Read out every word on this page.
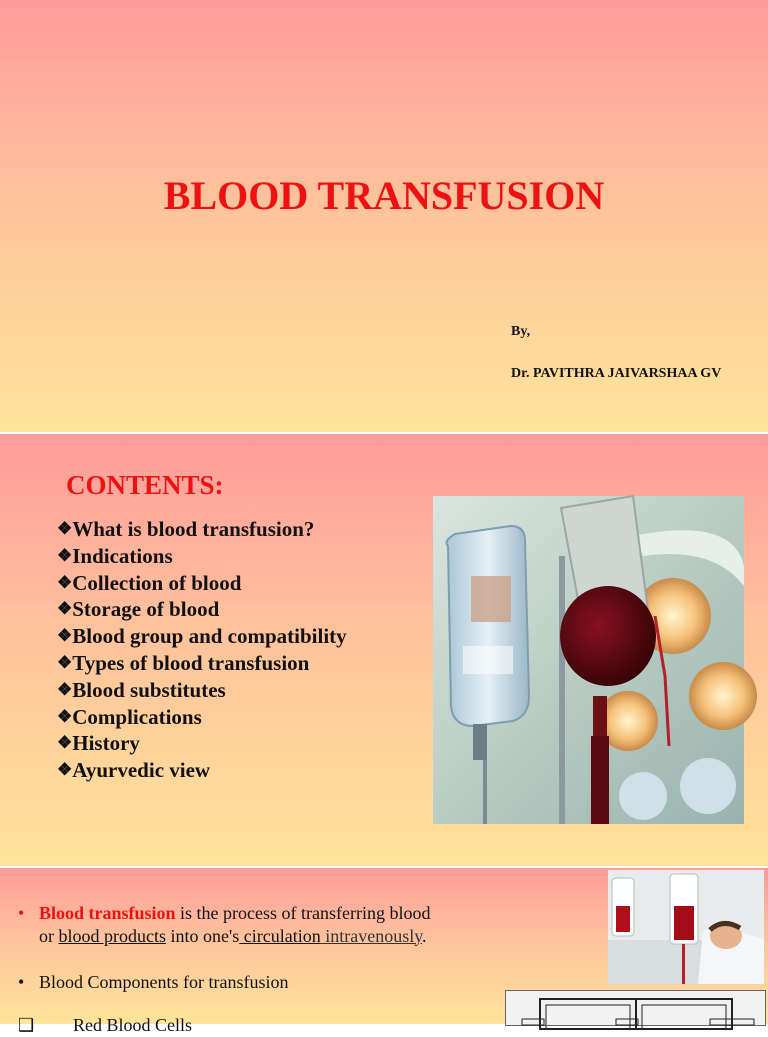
BLOOD TRANSFUSION
By,
Dr. PAVITHRA JAIVARSHAA GV
CONTENTS:
❖What is blood transfusion?
❖Indications
❖Collection of blood
❖Storage of blood
❖Blood group and compatibility
❖Types of blood transfusion
❖Blood substitutes
❖Complications
❖History
❖Ayurvedic view
• Blood transfusion is the process of transferring blood
or blood products into one's circulation intravenously.
• Blood Components for transfusion
❑ Red Blood Cells
